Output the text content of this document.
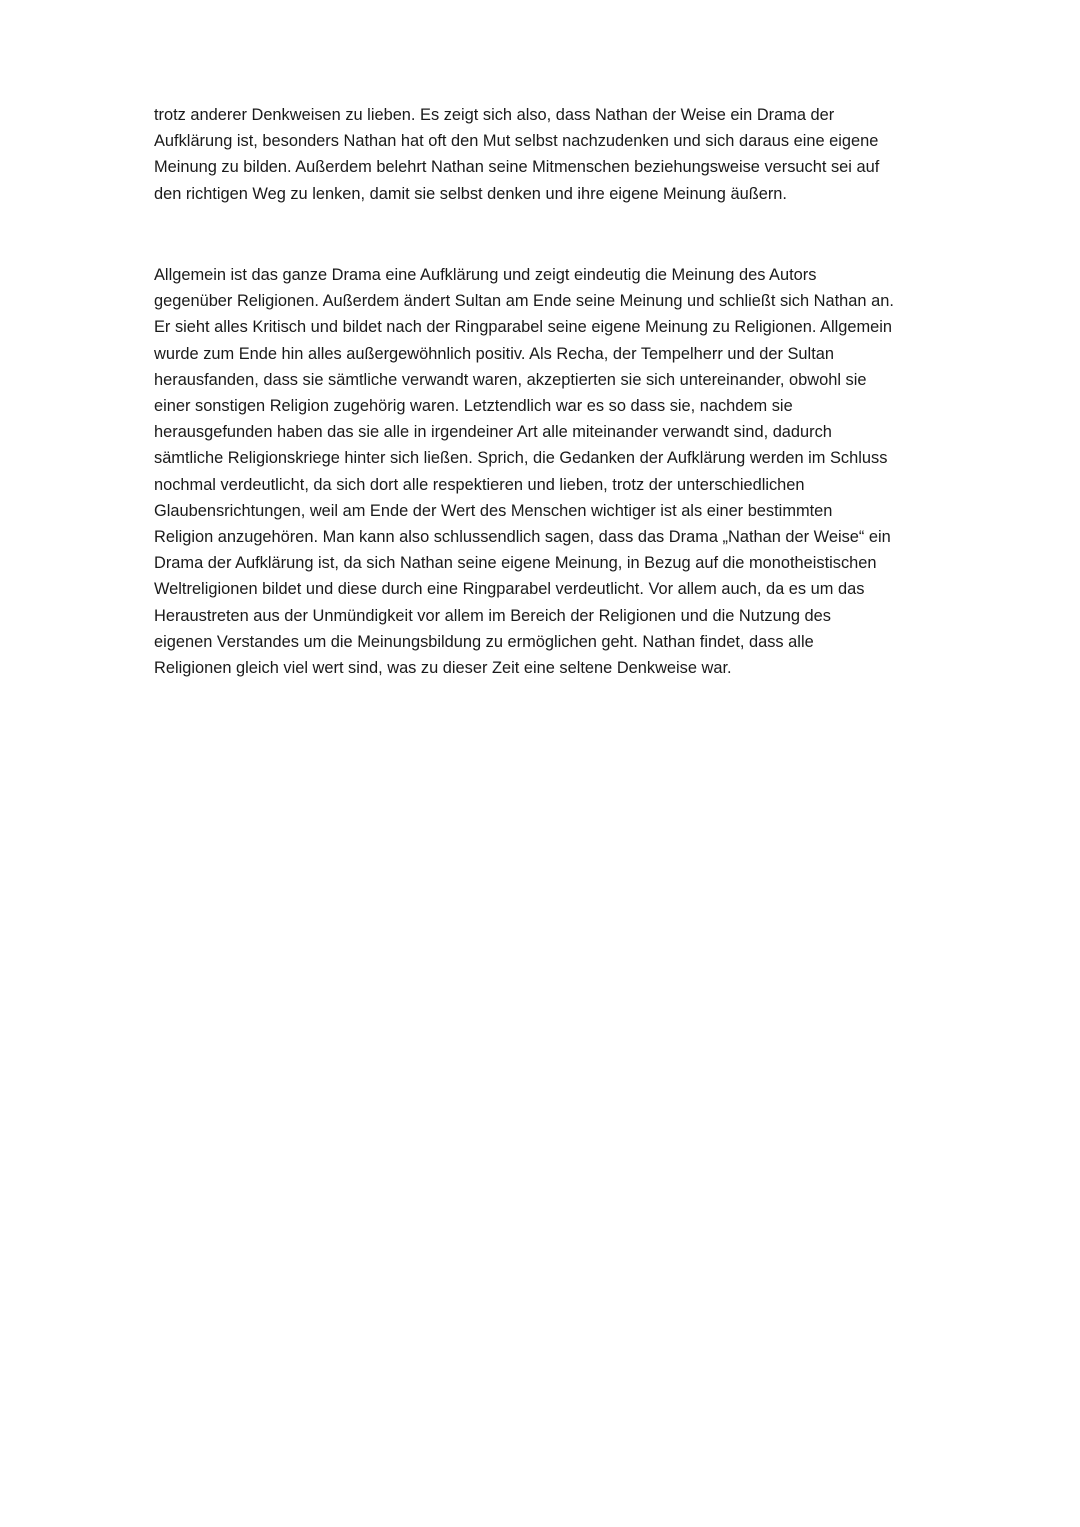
trotz anderer Denkweisen zu lieben. Es zeigt sich also, dass Nathan der Weise ein Drama der
Aufklärung ist, besonders Nathan hat oft den Mut selbst nachzudenken und sich daraus eine eigene
Meinung zu bilden. Außerdem belehrt Nathan seine Mitmenschen beziehungsweise versucht sei auf
den richtigen Weg zu lenken, damit sie selbst denken und ihre eigene Meinung äußern.
Allgemein ist das ganze Drama eine Aufklärung und zeigt eindeutig die Meinung des Autors
gegenüber Religionen. Außerdem ändert Sultan am Ende seine Meinung und schließt sich Nathan an.
Er sieht alles Kritisch und bildet nach der Ringparabel seine eigene Meinung zu Religionen. Allgemein
wurde zum Ende hin alles außergewöhnlich positiv. Als Recha, der Tempelherr und der Sultan
herausfanden, dass sie sämtliche verwandt waren, akzeptierten sie sich untereinander, obwohl sie
einer sonstigen Religion zugehörig waren. Letztendlich war es so dass sie, nachdem sie
herausgefunden haben das sie alle in irgendeiner Art alle miteinander verwandt sind, dadurch
sämtliche Religionskriege hinter sich ließen. Sprich, die Gedanken der Aufklärung werden im Schluss
nochmal verdeutlicht, da sich dort alle respektieren und lieben, trotz der unterschiedlichen
Glaubensrichtungen, weil am Ende der Wert des Menschen wichtiger ist als einer bestimmten
Religion anzugehören. Man kann also schlussendlich sagen, dass das Drama „Nathan der Weise“ ein
Drama der Aufklärung ist, da sich Nathan seine eigene Meinung, in Bezug auf die monotheistischen
Weltreligionen bildet und diese durch eine Ringparabel verdeutlicht. Vor allem auch, da es um das
Heraustreten aus der Unmündigkeit vor allem im Bereich der Religionen und die Nutzung des
eigenen Verstandes um die Meinungsbildung zu ermöglichen geht. Nathan findet, dass alle
Religionen gleich viel wert sind, was zu dieser Zeit eine seltene Denkweise war.
